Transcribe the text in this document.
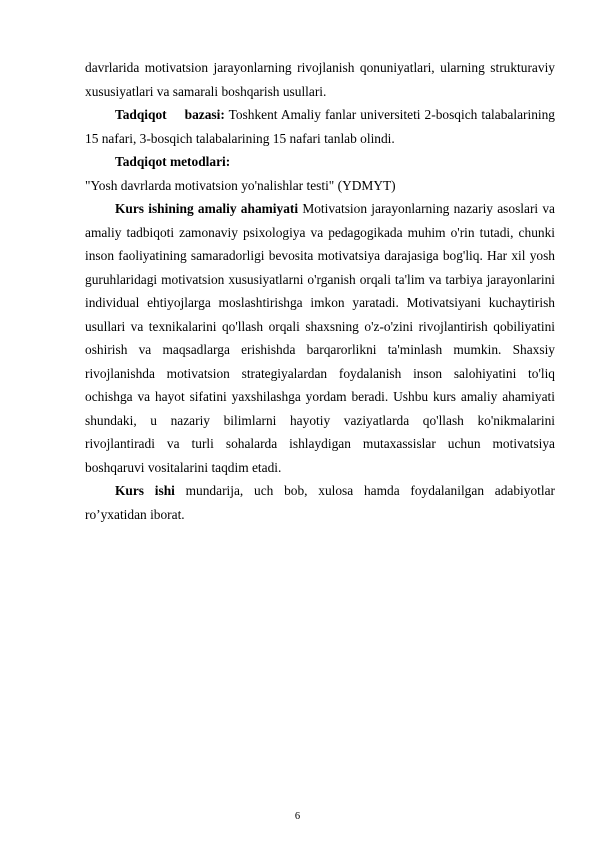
davrlarida motivatsion jarayonlarning rivojlanish qonuniyatlari, ularning strukturaviy xususiyatlari va samarali boshqarish usullari.

Tadqiqot bazasi: Toshkent Amaliy fanlar universiteti 2-bosqich talabalarining 15 nafari, 3-bosqich talabalarining 15 nafari tanlab olindi.

Tadqiqot metodlari:

"Yosh davrlarda motivatsion yo'nalishlar testi" (YDMYT)

Kurs ishining amaliy ahamiyati Motivatsion jarayonlarning nazariy asoslari va amaliy tadbiqoti zamonaviy psixologiya va pedagogikada muhim o'rin tutadi, chunki inson faoliyatining samaradorligi bevosita motivatsiya darajasiga bog'liq. Har xil yosh guruhlaridagi motivatsion xususiyatlarni o'rganish orqali ta'lim va tarbiya jarayonlarini individual ehtiyojlarga moslashtirishga imkon yaratadi. Motivatsiyani kuchaytirish usullari va texnikalarini qo'llash orqali shaxsning o'z-o'zini rivojlantirish qobiliyatini oshirish va maqsadlarga erishishda barqarorlikni ta'minlash mumkin. Shaxsiy rivojlanishda motivatsion strategiyalardan foydalanish inson salohiyatini to'liq ochishga va hayot sifatini yaxshilashga yordam beradi. Ushbu kurs amaliy ahamiyati shundaki, u nazariy bilimlarni hayotiy vaziyatlarda qo'llash ko'nikmalarini rivojlantiradi va turli sohalarda ishlaydigan mutaxassislar uchun motivatsiya boshqaruvi vositalarini taqdim etadi.

Kurs ishi mundarija, uch bob, xulosa hamda foydalanilgan adabiyotlar ro’yxatidan iborat.

6
